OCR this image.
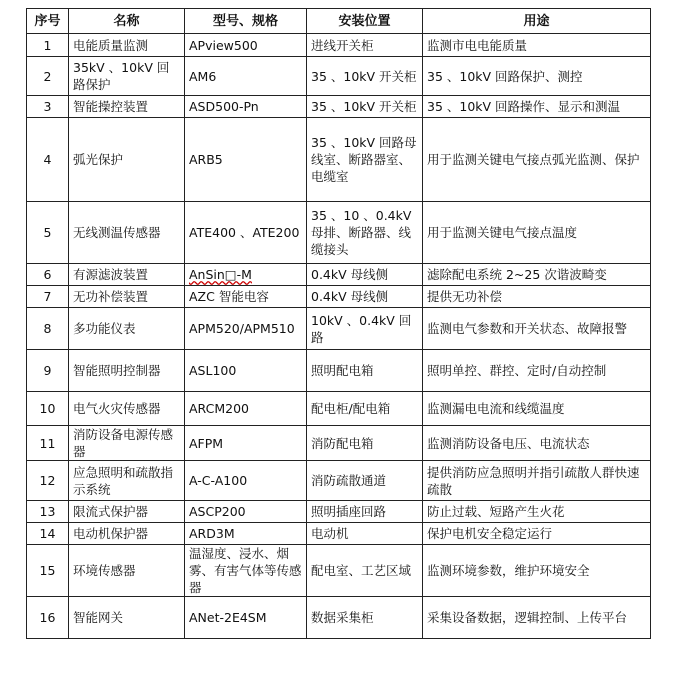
序号	名称	型号、规格	安装位置	用途
1	电能质量监测	APview500	进线开关柜	监测市电电能质量
2	35kV 、10kV 回路保护	AM6	35 、10kV 开关柜	35 、10kV 回路保护、测控
3	智能操控装置	ASD500-Pn	35 、10kV 开关柜	35 、10kV 回路操作、显示和测温
4	弧光保护	ARB5	35 、10kV 回路母线室、断路器室、电缆室	用于监测关键电气接点弧光监测、保护
5	无线测温传感器	ATE400 、ATE200	35 、10 、0.4kV 母排、断路器、线缆接头	用于监测关键电气接点温度
6	有源滤波装置	AnSin□-M	0.4kV 母线侧	滤除配电系统 2~25 次谐波畸变
7	无功补偿装置	AZC 智能电容	0.4kV 母线侧	提供无功补偿
8	多功能仪表	APM520/APM510	10kV 、0.4kV 回路	监测电气参数和开关状态、故障报警
9	智能照明控制器	ASL100	照明配电箱	照明单控、群控、定时/自动控制
10	电气火灾传感器	ARCM200	配电柜/配电箱	监测漏电电流和线缆温度
11	消防设备电源传感器	AFPM	消防配电箱	监测消防设备电压、电流状态
12	应急照明和疏散指示系统	A-C-A100	消防疏散通道	提供消防应急照明并指引疏散人群快速疏散
13	限流式保护器	ASCP200	照明插座回路	防止过载、短路产生火花
14	电动机保护器	ARD3M	电动机	保护电机安全稳定运行
15	环境传感器	温湿度、浸水、烟雾、有害气体等传感器	配电室、工艺区域	监测环境参数，维护环境安全
16	智能网关	ANet-2E4SM	数据采集柜	采集设备数据，逻辑控制、上传平台
